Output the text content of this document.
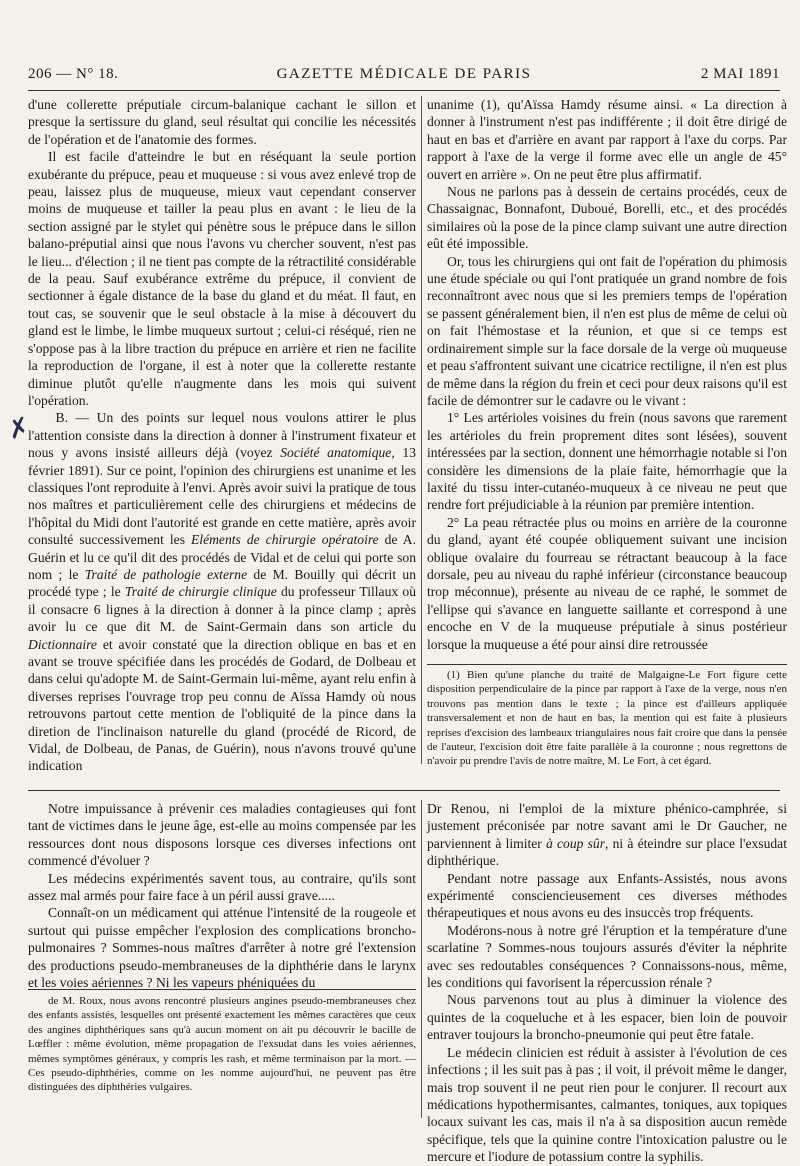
206 — N° 18.	GAZETTE MÉDICALE DE PARIS	2 MAI 1891

d'une collerette préputiale circum-balanique cachant le sillon et presque la sertissure du gland, seul résultat qui concilie les nécessités de l'opération et de l'anatomie des formes.

Il est facile d'atteindre le but en réséquant la seule portion exubérante du prépuce, peau et muqueuse : si vous avez enlevé trop de peau, laissez plus de muqueuse, mieux vaut cependant conserver moins de muqueuse et tailler la peau plus en avant : le lieu de la section assigné par le stylet qui pénètre sous le prépuce dans le sillon balano-préputial ainsi que nous l'avons vu chercher souvent, n'est pas le lieu... d'élection ; il ne tient pas compte de la rétractilité considérable de la peau. Sauf exubérance extrême du prépuce, il convient de sectionner à égale distance de la base du gland et du méat. Il faut, en tout cas, se souvenir que le seul obstacle à la mise à découvert du gland est le limbe, le limbe muqueux surtout ; celui-ci réséqué, rien ne s'oppose pas à la libre traction du prépuce en arrière et rien ne facilite la reproduction de l'organe, il est à noter que la collerette restante diminue plutôt qu'elle n'augmente dans les mois qui suivent l'opération.

B. — Un des points sur lequel nous voulons attirer le plus l'attention consiste dans la direction à donner à l'instrument fixateur et nous y avons insisté ailleurs déjà (voyez Société anatomique, 13 février 1891). Sur ce point, l'opinion des chirurgiens est unanime et les classiques l'ont reproduite à l'envi. Après avoir suivi la pratique de tous nos maîtres et particulièrement celle des chirurgiens et médecins de l'hôpital du Midi dont l'autorité est grande en cette matière, après avoir consulté successivement les Eléments de chirurgie opératoire de A. Guérin et lu ce qu'il dit des procédés de Vidal et de celui qui porte son nom ; le Traité de pathologie externe de M. Bouilly qui décrit un procédé type ; le Traité de chirurgie clinique du professeur Tillaux où il consacre 6 lignes à la direction à donner à la pince clamp ; après avoir lu ce que dit M. de Saint-Germain dans son article du Dictionnaire et avoir constaté que la direction oblique en bas et en avant se trouve spécifiée dans les procédés de Godard, de Dolbeau et dans celui qu'adopte M. de Saint-Germain lui-même, ayant relu enfin à diverses reprises l'ouvrage trop peu connu de Aïssa Hamdy où nous retrouvons partout cette mention de l'obliquité de la pince dans la diretion de l'inclinaison naturelle du gland (procédé de Ricord, de Vidal, de Dolbeau, de Panas, de Guérin), nous n'avons trouvé qu'une indication

unanime (1), qu'Aïssa Hamdy résume ainsi. « La direction à donner à l'instrument n'est pas indifférente ; il doit être dirigé de haut en bas et d'arrière en avant par rapport à l'axe du corps. Par rapport à l'axe de la verge il forme avec elle un angle de 45° ouvert en arrière ». On ne peut être plus affirmatif.

Nous ne parlons pas à dessein de certains procédés, ceux de Chassaignac, Bonnafont, Duboué, Borelli, etc., et des procédés similaires où la pose de la pince clamp suivant une autre direction eût été impossible.

Or, tous les chirurgiens qui ont fait de l'opération du phimosis une étude spéciale ou qui l'ont pratiquée un grand nombre de fois reconnaîtront avec nous que si les premiers temps de l'opération se passent généralement bien, il n'en est plus de même de celui où on fait l'hémostase et la réunion, et que si ce temps est ordinairement simple sur la face dorsale de la verge où muqueuse et peau s'affrontent suivant une cicatrice rectiligne, il n'en est plus de même dans la région du frein et ceci pour deux raisons qu'il est facile de démontrer sur le cadavre ou le vivant :

1° Les artérioles voisines du frein (nous savons que rarement les artérioles du frein proprement dites sont lésées), souvent intéressées par la section, donnent une hémorrhagie notable si l'on considère les dimensions de la plaie faite, hémorrhagie que la laxité du tissu inter-cutanéo-muqueux à ce niveau ne peut que rendre fort préjudiciable à la réunion par première intention.

2° La peau rétractée plus ou moins en arrière de la couronne du gland, ayant été coupée obliquement suivant une incision oblique ovalaire du fourreau se rétractant beaucoup à la face dorsale, peu au niveau du raphé inférieur (circonstance beaucoup trop méconnue), présente au niveau de ce raphé, le sommet de l'ellipse qui s'avance en languette saillante et correspond à une encoche en V de la muqueuse préputiale à sinus postérieur lorsque la muqueuse a été pour ainsi dire retroussée

(1) Bien qu'une planche du traité de Malgaigne-Le Fort figure cette disposition perpendiculaire de la pince par rapport à l'axe de la verge, nous n'en trouvons pas mention dans le texte ; la pince est d'ailleurs appliquée transversalement et non de haut en bas, la mention qui est faite à plusieurs reprises d'excision des lambeaux triangulaires nous fait croire que dans la pensée de l'auteur, l'excision doit être faite parallèle à la couronne ; nous regrettons de n'avoir pu prendre l'avis de notre maître, M. Le Fort, à cet égard.

Notre impuissance à prévenir ces maladies contagieuses qui font tant de victimes dans le jeune âge, est-elle au moins compensée par les ressources dont nous disposons lorsque ces diverses infections ont commencé d'évoluer ?

Les médecins expérimentés savent tous, au contraire, qu'ils sont assez mal armés pour faire face à un péril aussi grave.....

Connaît-on un médicament qui atténue l'intensité de la rougeole et surtout qui puisse empêcher l'explosion des complications broncho-pulmonaires ? Sommes-nous maîtres d'arrêter à notre gré l'extension des productions pseudo-membraneuses de la diphthérie dans le larynx et les voies aériennes ? Ni les vapeurs phéniquées du

de M. Roux, nous avons rencontré plusieurs angines pseudo-membraneuses chez des enfants assistés, lesquelles ont présenté exactement les mêmes caractères que ceux des angines diphthériques sans qu'à aucun moment on ait pu découvrir le bacille de Lœffler : même évolution, même propagation de l'exsudat dans les voies aériennes, mêmes symptômes généraux, y compris les rash, et même terminaison par la mort. — Ces pseudo-diphthéries, comme on les nomme aujourd'hui, ne peuvent pas être distinguées des diphthéries vulgaires.

Dr Renou, ni l'emploi de la mixture phénico-camphrée, si justement préconisée par notre savant ami le Dr Gaucher, ne parviennent à limiter à coup sûr, ni à éteindre sur place l'exsudat diphthérique.

Pendant notre passage aux Enfants-Assistés, nous avons expérimenté consciencieusement ces diverses méthodes thérapeutiques et nous avons eu des insuccès trop fréquents.

Modérons-nous à notre gré l'éruption et la température d'une scarlatine ? Sommes-nous toujours assurés d'éviter la néphrite avec ses redoutables conséquences ? Connaissons-nous, même, les conditions qui favorisent la répercussion rénale ?

Nous parvenons tout au plus à diminuer la violence des quintes de la coqueluche et à les espacer, bien loin de pouvoir entraver toujours la broncho-pneumonie qui peut être fatale.

Le médecin clinicien est réduit à assister à l'évolution de ces infections ; il les suit pas à pas ; il voit, il prévoit même le danger, mais trop souvent il ne peut rien pour le conjurer. Il recourt aux médications hypothermisantes, calmantes, toniques, aux topiques locaux suivant les cas, mais il n'a à sa disposition aucun remède spécifique, tels que la quinine contre l'intoxication palustre ou le mercure et l'iodure de potassium contre la syphilis.

✗
